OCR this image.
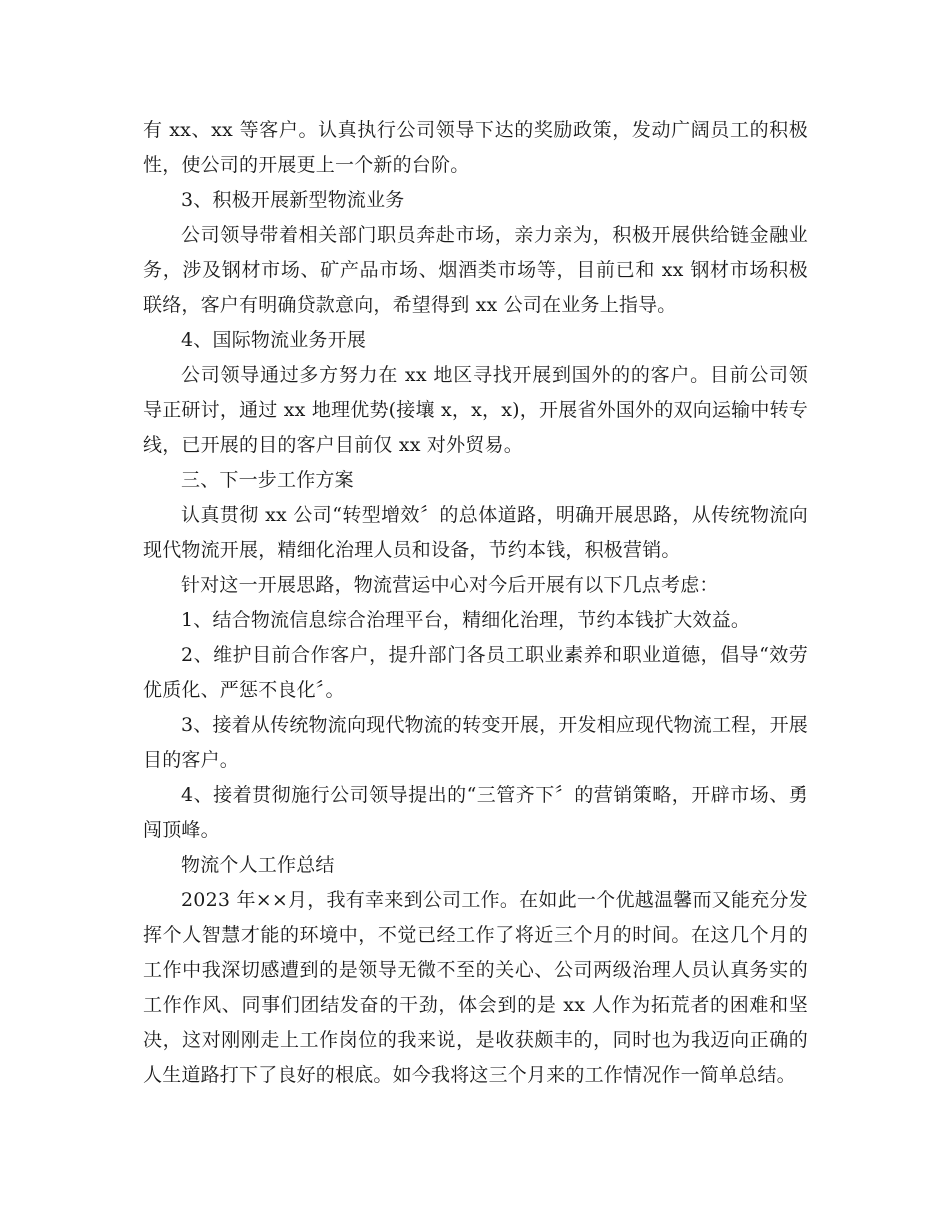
有 xx、xx 等客户。认真执行公司领导下达的奖励政策，发动广阔员工的积极性，使公司的开展更上一个新的台阶。

3、积极开展新型物流业务

公司领导带着相关部门职员奔赴市场，亲力亲为，积极开展供给链金融业务，涉及钢材市场、矿产品市场、烟酒类市场等，目前已和 xx 钢材市场积极联络，客户有明确贷款意向，希望得到 xx 公司在业务上指导。

4、国际物流业务开展

公司领导通过多方努力在 xx 地区寻找开展到国外的的客户。目前公司领导正研讨，通过 xx 地理优势(接壤 x，x，x)，开展省外国外的双向运输中转专线，已开展的目的客户目前仅 xx 对外贸易。

三、下一步工作方案

认真贯彻 xx 公司“转型增效〞的总体道路，明确开展思路，从传统物流向现代物流开展，精细化治理人员和设备，节约本钱，积极营销。

针对这一开展思路，物流营运中心对今后开展有以下几点考虑：

1、结合物流信息综合治理平台，精细化治理，节约本钱扩大效益。

2、维护目前合作客户，提升部门各员工职业素养和职业道德，倡导“效劳优质化、严惩不良化〞。

3、接着从传统物流向现代物流的转变开展，开发相应现代物流工程，开展目的客户。

4、接着贯彻施行公司领导提出的“三管齐下〞的营销策略，开辟市场、勇闯顶峰。

物流个人工作总结

2023 年××月，我有幸来到公司工作。在如此一个优越温馨而又能充分发挥个人智慧才能的环境中，不觉已经工作了将近三个月的时间。在这几个月的工作中我深切感遭到的是领导无微不至的关心、公司两级治理人员认真务实的工作作风、同事们团结发奋的干劲，体会到的是 xx 人作为拓荒者的困难和坚决，这对刚刚走上工作岗位的我来说，是收获颇丰的，同时也为我迈向正确的人生道路打下了良好的根底。如今我将这三个月来的工作情况作一简单总结。
